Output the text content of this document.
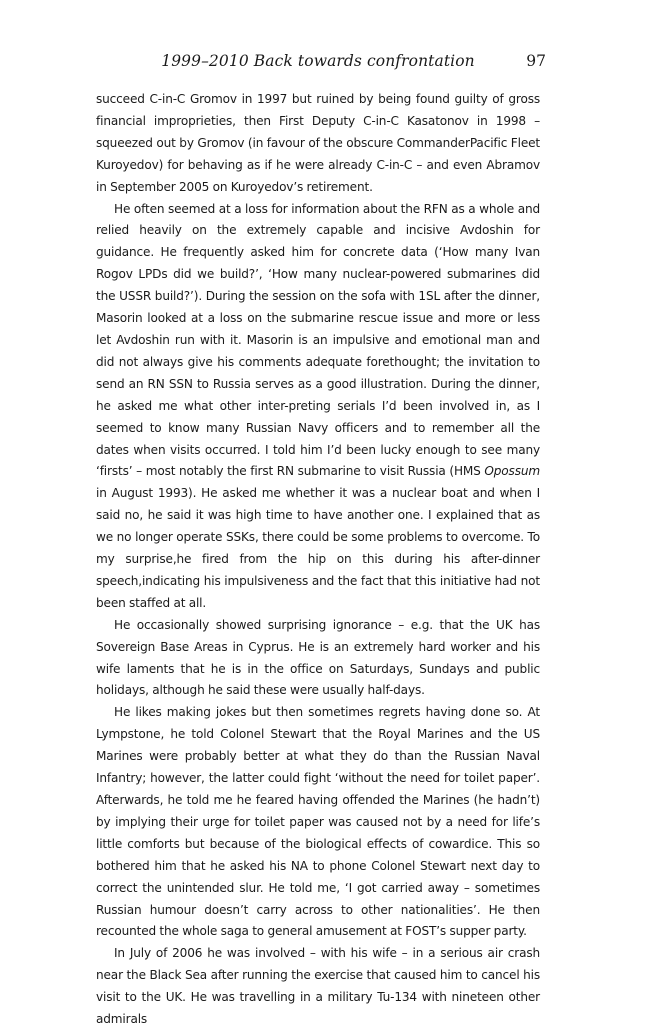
1999–2010 Back towards confrontation	97

succeed C-in-C Gromov in 1997 but ruined by being found guilty of gross financial improprieties, then First Deputy C-in-C Kasatonov in 1998 – squeezed out by Gromov (in favour of the obscure CommanderPacific Fleet Kuroyedov) for behaving as if he were already C-in-C – and even Abramov in September 2005 on Kuroyedov’s retirement.

He often seemed at a loss for information about the RFN as a whole and relied heavily on the extremely capable and incisive Avdoshin for guidance. He frequently asked him for concrete data (‘How many Ivan Rogov LPDs did we build?’, ‘How many nuclear-powered submarines did the USSR build?’). During the session on the sofa with 1SL after the dinner, Masorin looked at a loss on the submarine rescue issue and more or less let Avdoshin run with it. Masorin is an impulsive and emotional man and did not always give his comments adequate forethought; the invitation to send an RN SSN to Russia serves as a good illustration. During the dinner, he asked me what other inter-preting serials I’d been involved in, as I seemed to know many Russian Navy officers and to remember all the dates when visits occurred. I told him I’d been lucky enough to see many ‘firsts’ – most notably the first RN submarine to visit Russia (HMS Opossum in August 1993). He asked me whether it was a nuclear boat and when I said no, he said it was high time to have another one. I explained that as we no longer operate SSKs, there could be some problems to overcome. To my surprise,he fired from the hip on this during his after-dinner speech,indicating his impulsiveness and the fact that this initiative had not been staffed at all.

He occasionally showed surprising ignorance – e.g. that the UK has Sovereign Base Areas in Cyprus. He is an extremely hard worker and his wife laments that he is in the office on Saturdays, Sundays and public holidays, although he said these were usually half-days.

He likes making jokes but then sometimes regrets having done so. At Lympstone, he told Colonel Stewart that the Royal Marines and the US Marines were probably better at what they do than the Russian Naval Infantry; however, the latter could fight ‘without the need for toilet paper’. Afterwards, he told me he feared having offended the Marines (he hadn’t) by implying their urge for toilet paper was caused not by a need for life’s little comforts but because of the biological effects of cowardice. This so bothered him that he asked his NA to phone Colonel Stewart next day to correct the unintended slur. He told me, ‘I got carried away – sometimes Russian humour doesn’t carry across to other nationalities’. He then recounted the whole saga to general amusement at FOST’s supper party.

In July of 2006 he was involved – with his wife – in a serious air crash near the Black Sea after running the exercise that caused him to cancel his visit to the UK. He was travelling in a military Tu-134 with nineteen other admirals
